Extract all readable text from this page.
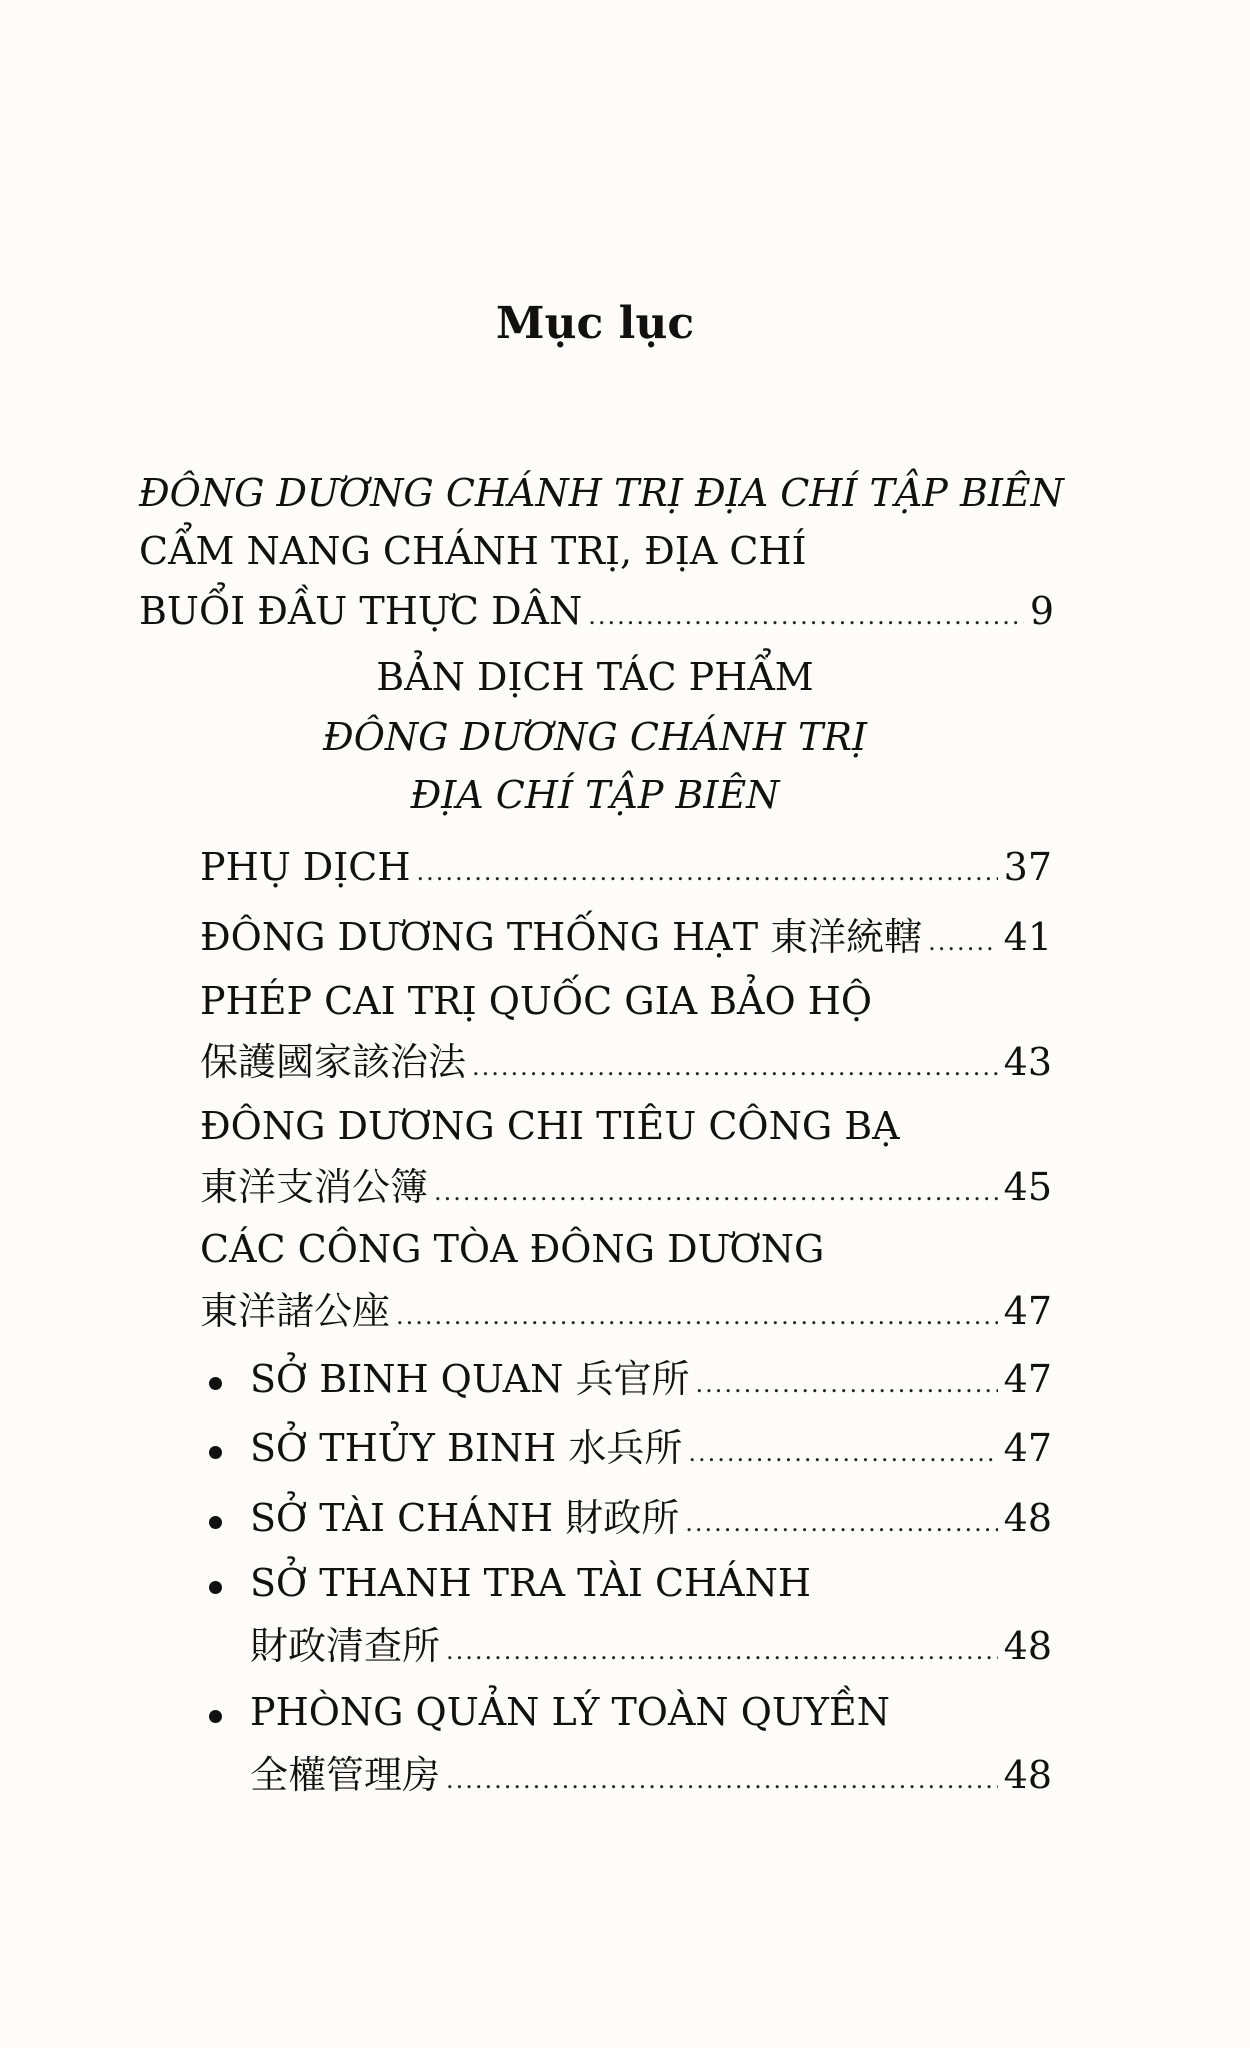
Mục lục
ĐÔNG DƯƠNG CHÁNH TRỊ ĐỊA CHÍ TẬP BIÊN
CẨM NANG CHÁNH TRỊ, ĐỊA CHÍ
BUỔI ĐẦU THỰC DÂN .....	9
BẢN DỊCH TÁC PHẨM
ĐÔNG DƯƠNG CHÁNH TRỊ
ĐỊA CHÍ TẬP BIÊN
PHỤ DỊCH .....	37
ĐÔNG DƯƠNG THỐNG HẠT 東洋統轄 ..... 41
PHÉP CAI TRỊ QUỐC GIA BẢO HỘ
保護國家該治法 .....	43
ĐÔNG DƯƠNG CHI TIÊU CÔNG BẠ
東洋支消公簿 .....	45
CÁC CÔNG TÒA ĐÔNG DƯƠNG
東洋諸公座 .....	47
SỞ BINH QUAN 兵官所 .....	47
SỞ THỦY BINH 水兵所 .....	47
SỞ TÀI CHÁNH 財政所 .....	48
SỞ THANH TRA TÀI CHÁNH
財政清查所 .....	48
PHÒNG QUẢN LÝ TOÀN QUYỀN
全權管理房 .....	48
